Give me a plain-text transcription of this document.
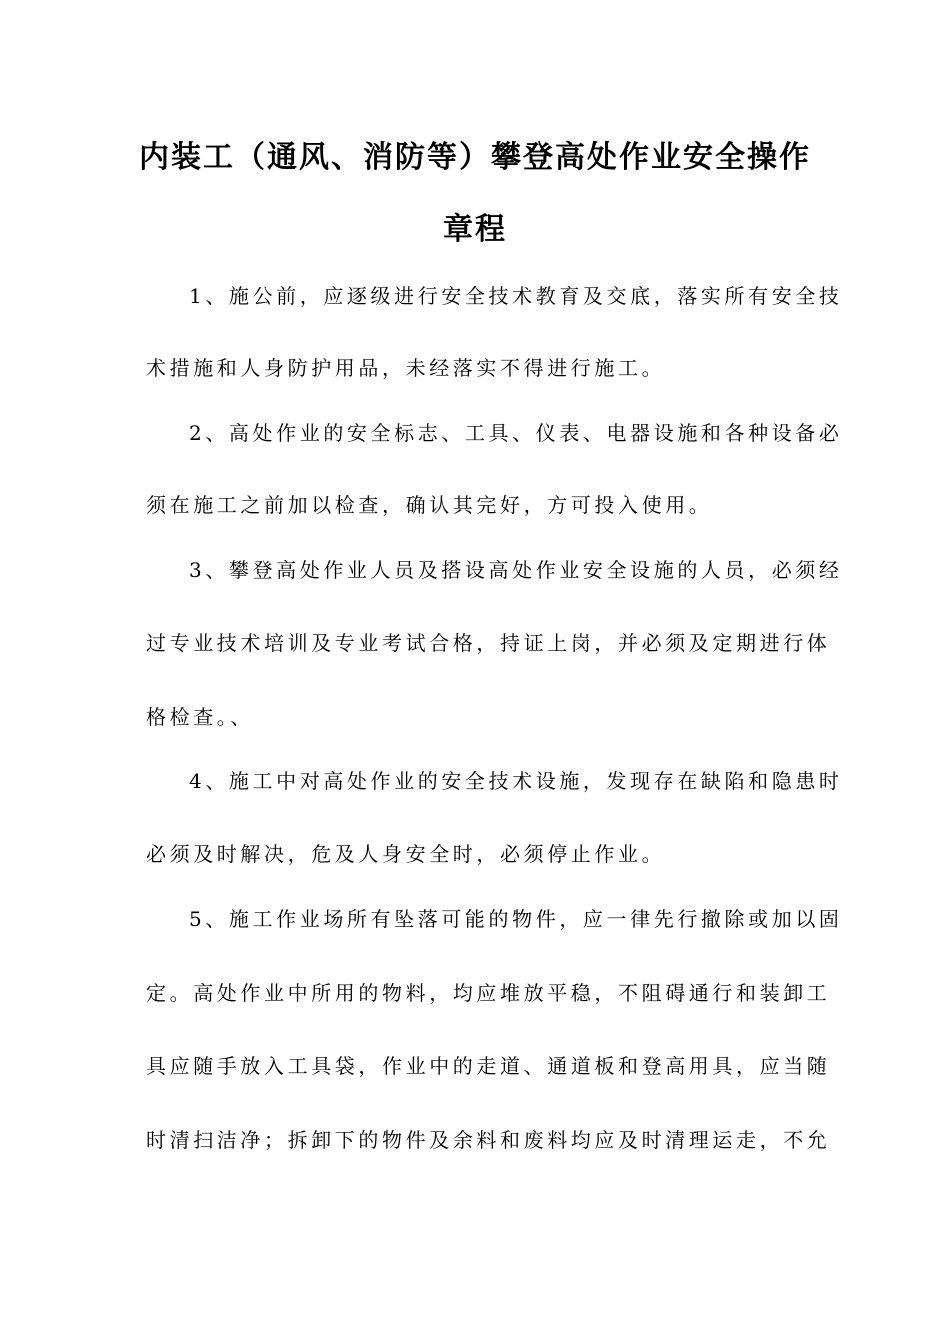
内装工（通风、消防等）攀登高处作业安全操作
章程
1、施公前，应逐级进行安全技术教育及交底，落实所有安全技
术措施和人身防护用品，未经落实不得进行施工。
2、高处作业的安全标志、工具、仪表、电器设施和各种设备必
须在施工之前加以检查，确认其完好，方可投入使用。
3、攀登高处作业人员及搭设高处作业安全设施的人员，必须经
过专业技术培训及专业考试合格，持证上岗，并必须及定期进行体
格检查。、
4、施工中对高处作业的安全技术设施，发现存在缺陷和隐患时
必须及时解决，危及人身安全时，必须停止作业。
5、施工作业场所有坠落可能的物件，应一律先行撤除或加以固
定。高处作业中所用的物料，均应堆放平稳，不阻碍通行和装卸工
具应随手放入工具袋，作业中的走道、通道板和登高用具，应当随
时清扫洁净；拆卸下的物件及余料和废料均应及时清理运走，不允
